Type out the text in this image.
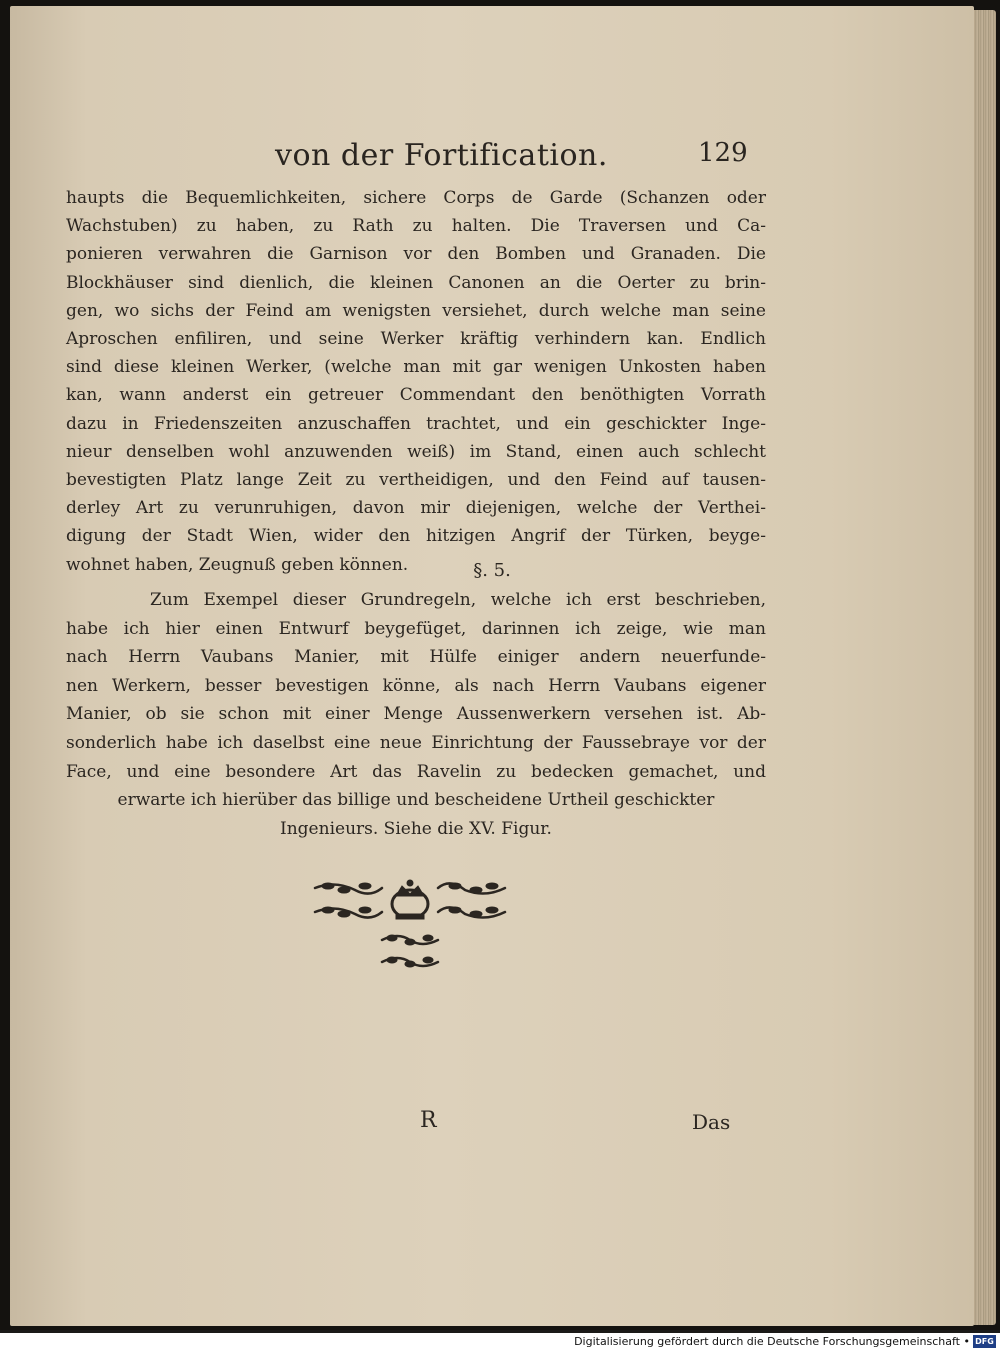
von der Fortification.	129
haupts die Bequemlichkeiten, sichere Corps de Garde (Schanzen oder
Wachstuben) zu haben, zu Rath zu halten. Die Traversen und Ca-
ponieren verwahren die Garnison vor den Bomben und Granaden. Die
Blockhäuser sind dienlich, die kleinen Canonen an die Oerter zu brin-
gen, wo sichs der Feind am wenigsten versiehet, durch welche man seine
Aproschen enfiliren, und seine Werker kräftig verhindern kan. Endlich
sind diese kleinen Werker, (welche man mit gar wenigen Unkosten haben
kan, wann anderst ein getreuer Commendant den benöthigten Vorrath
dazu in Friedenszeiten anzuschaffen trachtet, und ein geschickter Inge-
nieur denselben wohl anzuwenden weiß) im Stand, einen auch schlecht
bevestigten Platz lange Zeit zu vertheidigen, und den Feind auf tausen-
derley Art zu verunruhigen, davon mir diejenigen, welche der Verthei-
digung der Stadt Wien, wider den hitzigen Angrif der Türken, beyge-
wohnet haben, Zeugnuß geben können.	§. 5.
Zum Exempel dieser Grundregeln, welche ich erst beschrieben,
habe ich hier einen Entwurf beygefüget, darinnen ich zeige, wie man
nach Herrn Vaubans Manier, mit Hülfe einiger andern neuerfunde-
nen Werkern, besser bevestigen könne, als nach Herrn Vaubans eigener
Manier, ob sie schon mit einer Menge Aussenwerkern versehen ist. Ab-
sonderlich habe ich daselbst eine neue Einrichtung der Faussebraye vor der
Face, und eine besondere Art das Ravelin zu bedecken gemachet, und
erwarte ich hierüber das billige und bescheidene Urtheil geschickter
Ingenieurs. Siehe die XV. Figur.
R	Das
Digitalisierung gefördert durch die Deutsche Forschungsgemeinschaft • DFG
